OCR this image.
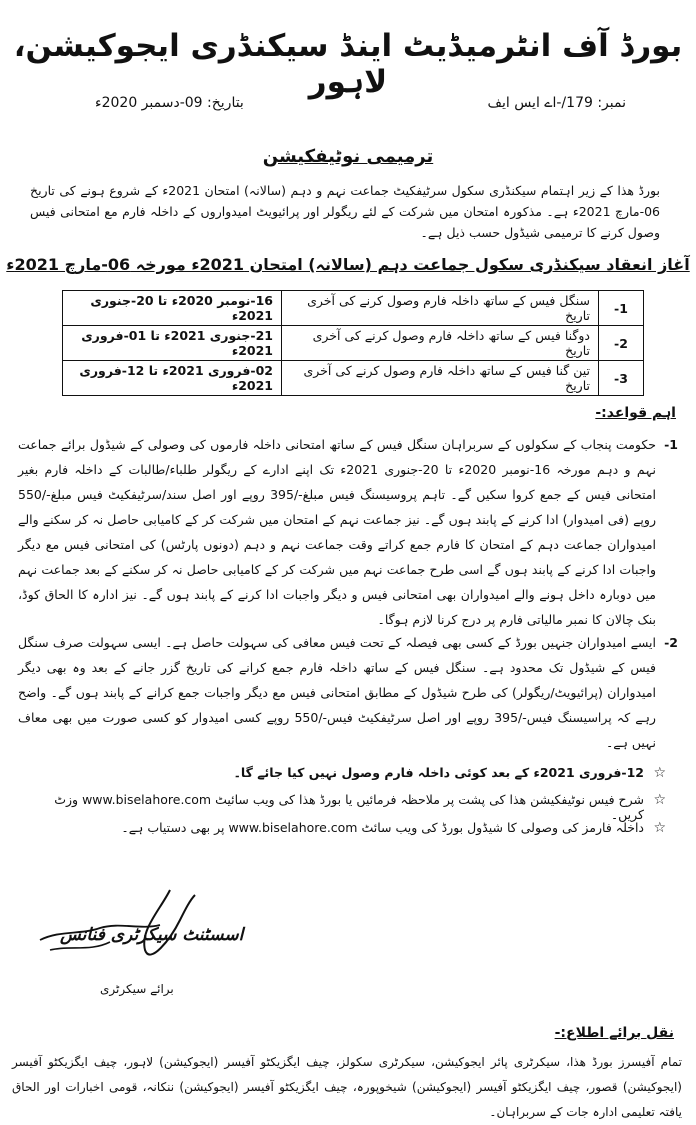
بورڈ آف انٹرمیڈیٹ اینڈ سیکنڈری ایجوکیشن، لاہور
نمبر: 179/-اے ایس ایف
بتاریخ: 09-دسمبر 2020ء
ترمیمی نوٹیفکیشن
بورڈ ھذا کے زیر اہتمام سیکنڈری سکول سرٹیفکیٹ جماعت نہم و دہم (سالانہ) امتحان 2021ء کے شروع ہونے کی تاریخ 06-مارچ 2021ء ہے۔ مذکورہ امتحان میں شرکت کے لئے ریگولر اور پرائیویٹ امیدواروں کے داخلہ فارم مع امتحانی فیس وصول کرنے کا ترمیمی شیڈول حسب ذیل ہے۔
آغاز انعقاد سیکنڈری سکول جماعت دہم (سالانہ) امتحان 2021ء مورخہ 06-مارچ 2021ء
1-	سنگل فیس کے ساتھ داخلہ فارم وصول کرنے کی آخری تاریخ	16-نومبر 2020ء تا 20-جنوری 2021ء
2-	دوگنا فیس کے ساتھ داخلہ فارم وصول کرنے کی آخری تاریخ	21-جنوری 2021ء تا 01-فروری 2021ء
3-	تین گنا فیس کے ساتھ داخلہ فارم وصول کرنے کی آخری تاریخ	02-فروری 2021ء تا 12-فروری 2021ء
اہم قواعد:-
1-
حکومت پنجاب کے سکولوں کے سربراہان سنگل فیس کے ساتھ امتحانی داخلہ فارموں کی وصولی کے شیڈول برائے جماعت نہم و دہم مورخہ 16-نومبر 2020ء تا 20-جنوری 2021ء تک اپنے ادارے کے ریگولر طلباء/طالبات کے داخلہ فارم بغیر امتحانی فیس کے جمع کروا سکیں گے۔ تاہم پروسیسنگ فیس مبلغ-/395 روپے اور اصل سند/سرٹیفکیٹ فیس مبلغ-/550 روپے (فی امیدوار) ادا کرنے کے پابند ہوں گے۔ نیز جماعت نہم کے امتحان میں شرکت کر کے کامیابی حاصل نہ کر سکنے والے امیدواران جماعت دہم کے امتحان کا فارم جمع کراتے وقت جماعت نہم و دہم (دونوں پارٹس) کی امتحانی فیس مع دیگر واجبات ادا کرنے کے پابند ہوں گے اسی طرح جماعت نہم میں شرکت کر کے کامیابی حاصل نہ کر سکنے کے بعد جماعت نہم میں دوبارہ داخل ہونے والے امیدواران بھی امتحانی فیس و دیگر واجبات ادا کرنے کے پابند ہوں گے۔ نیز ادارہ کا الحاق کوڈ، بنک چالان کا نمبر مالیاتی فارم پر درج کرنا لازم ہوگا۔
2-
ایسے امیدواران جنہیں بورڈ کے کسی بھی فیصلہ کے تحت فیس معافی کی سہولت حاصل ہے۔ ایسی سہولت صرف سنگل فیس کے شیڈول تک محدود ہے۔ سنگل فیس کے ساتھ داخلہ فارم جمع کرانے کی تاریخ گزر جانے کے بعد وہ بھی دیگر امیدواران (پرائیویٹ/ریگولر) کی طرح شیڈول کے مطابق امتحانی فیس مع دیگر واجبات جمع کرانے کے پابند ہوں گے۔ واضح رہے کہ پراسیسنگ فیس-/395 روپے اور اصل سرٹیفکیٹ فیس-/550 روپے کسی امیدوار کو کسی صورت میں بھی معاف نہیں ہے۔
☆
12-فروری 2021ء کے بعد کوئی داخلہ فارم وصول نہیں کیا جائے گا۔
☆
شرح فیس نوٹیفکیشن ھذا کی پشت پر ملاحظہ فرمائیں یا بورڈ ھذا کی ویب سائیٹ www.biselahore.com وزٹ کریں۔
☆
داخلہ فارمز کی وصولی کا شیڈول بورڈ کی ویب سائٹ www.biselahore.com پر بھی دستیاب ہے۔
اسسٹنٹ سیکرٹری فنانس
برائے سیکرٹری
نقل برائے اطلاع:-
تمام آفیسرز بورڈ ھذا، سیکرٹری پائر ایجوکیشن، سیکرٹری سکولز، چیف ایگزیکٹو آفیسر (ایجوکیشن) لاہور، چیف ایگزیکٹو آفیسر (ایجوکیشن) قصور، چیف ایگزیکٹو آفیسر (ایجوکیشن) شیخوپورہ، چیف ایگزیکٹو آفیسر (ایجوکیشن) ننکانہ، قومی اخبارات اور الحاق یافتہ تعلیمی ادارہ جات کے سربراہان۔
